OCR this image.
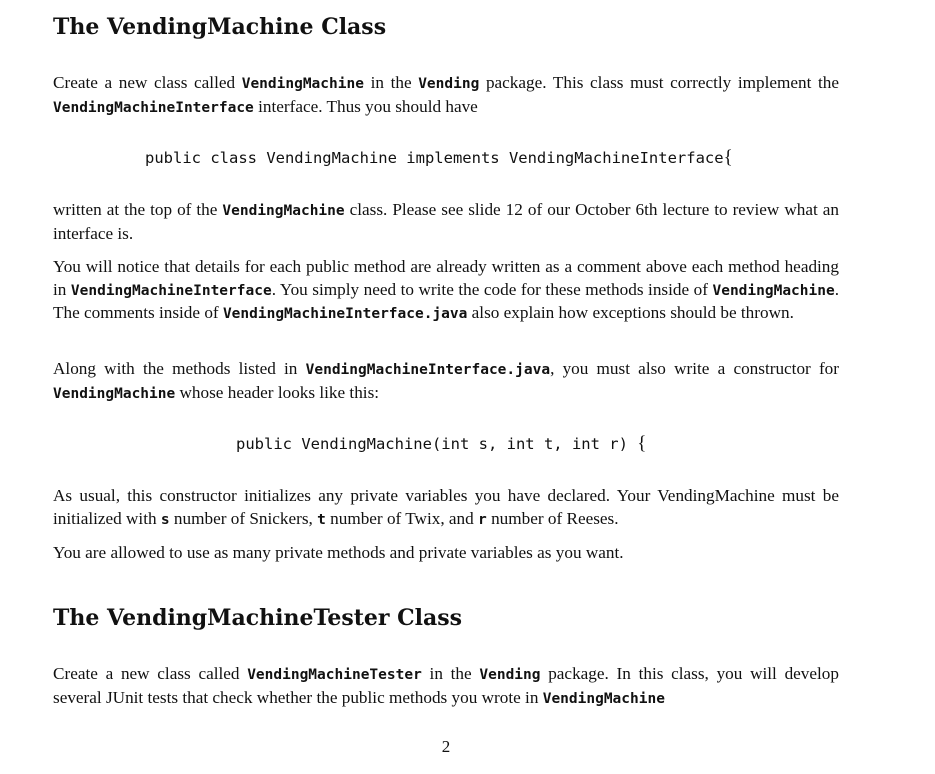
The VendingMachine Class

Create a new class called VendingMachine in the Vending package. This class must correctly implement the VendingMachineInterface interface. Thus you should have

public class VendingMachine implements VendingMachineInterface{

written at the top of the VendingMachine class. Please see slide 12 of our October 6th lecture to review what an interface is.

You will notice that details for each public method are already written as a comment above each method heading in VendingMachineInterface. You simply need to write the code for these methods inside of VendingMachine. The comments inside of VendingMachineInterface.java also explain how exceptions should be thrown.

Along with the methods listed in VendingMachineInterface.java, you must also write a constructor for VendingMachine whose header looks like this:

public VendingMachine(int s, int t, int r) {

As usual, this constructor initializes any private variables you have declared. Your VendingMachine must be initialized with s number of Snickers, t number of Twix, and r number of Reeses.

You are allowed to use as many private methods and private variables as you want.

The VendingMachineTester Class

Create a new class called VendingMachineTester in the Vending package. In this class, you will develop several JUnit tests that check whether the public methods you wrote in VendingMachine

2
